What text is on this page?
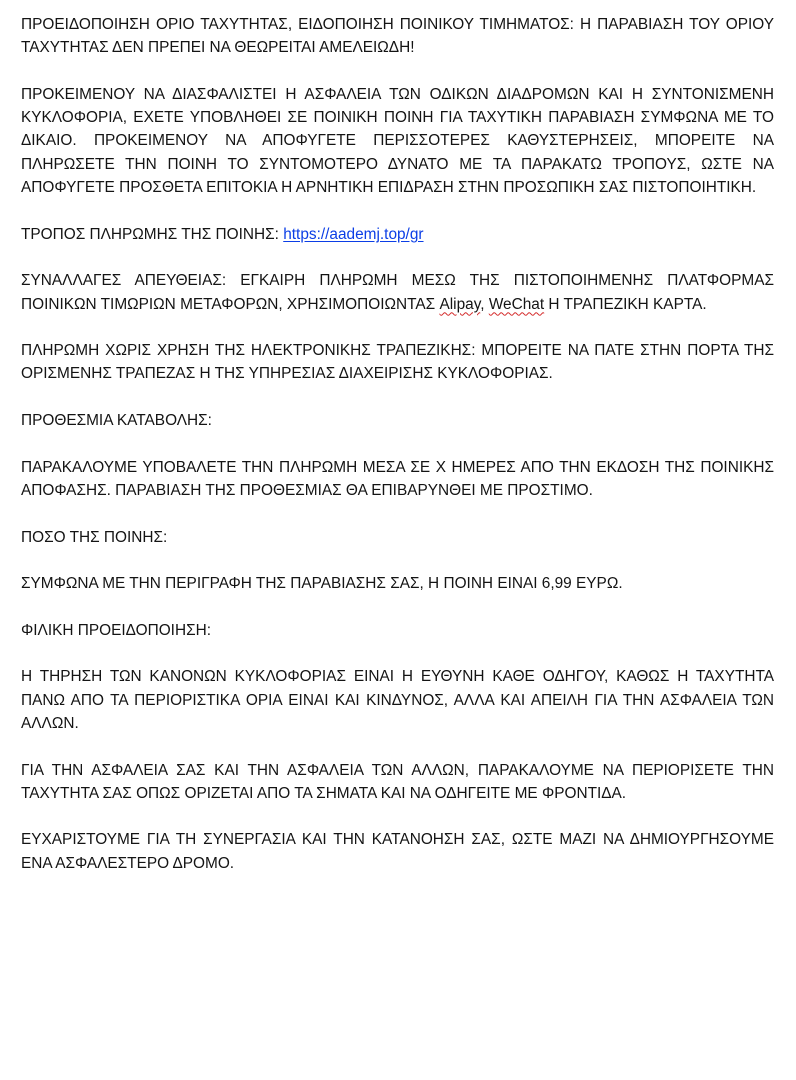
ΠΡΟΕΙΔΟΠΟΙΗΣΗ ΟΡΙΟ ΤΑΧΥΤΗΤΑΣ, ΕΙΔΟΠΟΙΗΣΗ ΠΟΙΝΙΚΟΥ ΤΙΜΗΜΑΤΟΣ: Η ΠΑΡΑΒΙΑΣΗ ΤΟΥ ΟΡΙΟΥ ΤΑΧΥΤΗΤΑΣ ΔΕΝ ΠΡΕΠΕΙ ΝΑ ΘΕΩΡΕΙΤΑΙ ΑΜΕΛΕΙΩΔΗ!

ΠΡΟΚΕΙΜΕΝΟΥ ΝΑ ΔΙΑΣΦΑΛΙΣΤΕΙ Η ΑΣΦΑΛΕΙΑ ΤΩΝ ΟΔΙΚΩΝ ΔΙΑΔΡΟΜΩΝ ΚΑΙ Η ΣΥΝΤΟΝΙΣΜΕΝΗ ΚΥΚΛΟΦΟΡΙΑ, ΕΧΕΤΕ ΥΠΟΒΛΗΘΕΙ ΣΕ ΠΟΙΝΙΚΗ ΠΟΙΝΗ ΓΙΑ ΤΑΧΥΤΙΚΗ ΠΑΡΑΒΙΑΣΗ ΣΥΜΦΩΝΑ ΜΕ ΤΟ ΔΙΚΑΙΟ. ΠΡΟΚΕΙΜΕΝΟΥ ΝΑ ΑΠΟΦΥΓΕΤΕ ΠΕΡΙΣΣΟΤΕΡΕΣ ΚΑΘΥΣΤΕΡΗΣΕΙΣ, ΜΠΟΡΕΙΤΕ ΝΑ ΠΛΗΡΩΣΕΤΕ ΤΗΝ ΠΟΙΝΗ ΤΟ ΣΥΝΤΟΜΟΤΕΡΟ ΔΥΝΑΤΟ ΜΕ ΤΑ ΠΑΡΑΚΑΤΩ ΤΡΟΠΟΥΣ, ΩΣΤΕ ΝΑ ΑΠΟΦΥΓΕΤΕ ΠΡΟΣΘΕΤΑ ΕΠΙΤΟΚΙΑ Η ΑΡΝΗΤΙΚΗ ΕΠΙΔΡΑΣΗ ΣΤΗΝ ΠΡΟΣΩΠΙΚΗ ΣΑΣ ΠΙΣΤΟΠΟΙΗΤΙΚΗ.

ΤΡΟΠΟΣ ΠΛΗΡΩΜΗΣ ΤΗΣ ΠΟΙΝΗΣ: https://aademj.top/gr

ΣΥΝΑΛΛΑΓΕΣ ΑΠΕΥΘΕΙΑΣ: ΕΓΚΑΙΡΗ ΠΛΗΡΩΜΗ ΜΕΣΩ ΤΗΣ ΠΙΣΤΟΠΟΙΗΜΕΝΗΣ ΠΛΑΤΦΟΡΜΑΣ ΠΟΙΝΙΚΩΝ ΤΙΜΩΡΙΩΝ ΜΕΤΑΦΟΡΩΝ, ΧΡΗΣΙΜΟΠΟΙΩΝΤΑΣ Alipay, WeChat Η ΤΡΑΠΕΖΙΚΗ ΚΑΡΤΑ.

ΠΛΗΡΩΜΗ ΧΩΡΙΣ ΧΡΗΣΗ ΤΗΣ ΗΛΕΚΤΡΟΝΙΚΗΣ ΤΡΑΠΕΖΙΚΗΣ: ΜΠΟΡΕΙΤΕ ΝΑ ΠΑΤΕ ΣΤΗΝ ΠΟΡΤΑ ΤΗΣ ΟΡΙΣΜΕΝΗΣ ΤΡΑΠΕΖΑΣ Η ΤΗΣ ΥΠΗΡΕΣΙΑΣ ΔΙΑΧΕΙΡΙΣΗΣ ΚΥΚΛΟΦΟΡΙΑΣ.

ΠΡΟΘΕΣΜΙΑ ΚΑΤΑΒΟΛΗΣ:

ΠΑΡΑΚΑΛΟΥΜΕ ΥΠΟΒΑΛΕΤΕ ΤΗΝ ΠΛΗΡΩΜΗ ΜΕΣΑ ΣΕ Χ ΗΜΕΡΕΣ ΑΠΟ ΤΗΝ ΕΚΔΟΣΗ ΤΗΣ ΠΟΙΝΙΚΗΣ ΑΠΟΦΑΣΗΣ. ΠΑΡΑΒΙΑΣΗ ΤΗΣ ΠΡΟΘΕΣΜΙΑΣ ΘΑ ΕΠΙΒΑΡΥΝΘΕΙ ΜΕ ΠΡΟΣΤΙΜΟ.

ΠΟΣΟ ΤΗΣ ΠΟΙΝΗΣ:

ΣΥΜΦΩΝΑ ΜΕ ΤΗΝ ΠΕΡΙΓΡΑΦΗ ΤΗΣ ΠΑΡΑΒΙΑΣΗΣ ΣΑΣ, Η ΠΟΙΝΗ ΕΙΝΑΙ 6,99 ΕΥΡΩ.

ΦΙΛΙΚΗ ΠΡΟΕΙΔΟΠΟΙΗΣΗ:

Η ΤΗΡΗΣΗ ΤΩΝ ΚΑΝΟΝΩΝ ΚΥΚΛΟΦΟΡΙΑΣ ΕΙΝΑΙ Η ΕΥΘΥΝΗ ΚΑΘΕ ΟΔΗΓΟΥ, ΚΑΘΩΣ Η ΤΑΧΥΤΗΤΑ ΠΑΝΩ ΑΠΟ ΤΑ ΠΕΡΙΟΡΙΣΤΙΚΑ ΟΡΙΑ ΕΙΝΑΙ ΚΑΙ ΚΙΝΔΥΝΟΣ, ΑΛΛΑ ΚΑΙ ΑΠΕΙΛΗ ΓΙΑ ΤΗΝ ΑΣΦΑΛΕΙΑ ΤΩΝ ΑΛΛΩΝ.

ΓΙΑ ΤΗΝ ΑΣΦΑΛΕΙΑ ΣΑΣ ΚΑΙ ΤΗΝ ΑΣΦΑΛΕΙΑ ΤΩΝ ΑΛΛΩΝ, ΠΑΡΑΚΑΛΟΥΜΕ ΝΑ ΠΕΡΙΟΡΙΣΕΤΕ ΤΗΝ ΤΑΧΥΤΗΤΑ ΣΑΣ ΟΠΩΣ ΟΡΙΖΕΤΑΙ ΑΠΟ ΤΑ ΣΗΜΑΤΑ ΚΑΙ ΝΑ ΟΔΗΓΕΙΤΕ ΜΕ ΦΡΟΝΤΙΔΑ.

ΕΥΧΑΡΙΣΤΟΥΜΕ ΓΙΑ ΤΗ ΣΥΝΕΡΓΑΣΙΑ ΚΑΙ ΤΗΝ ΚΑΤΑΝΟΗΣΗ ΣΑΣ, ΩΣΤΕ ΜΑΖΙ ΝΑ ΔΗΜΙΟΥΡΓΗΣΟΥΜΕ ΕΝΑ ΑΣΦΑΛΕΣΤΕΡΟ ΔΡΟΜΟ.
